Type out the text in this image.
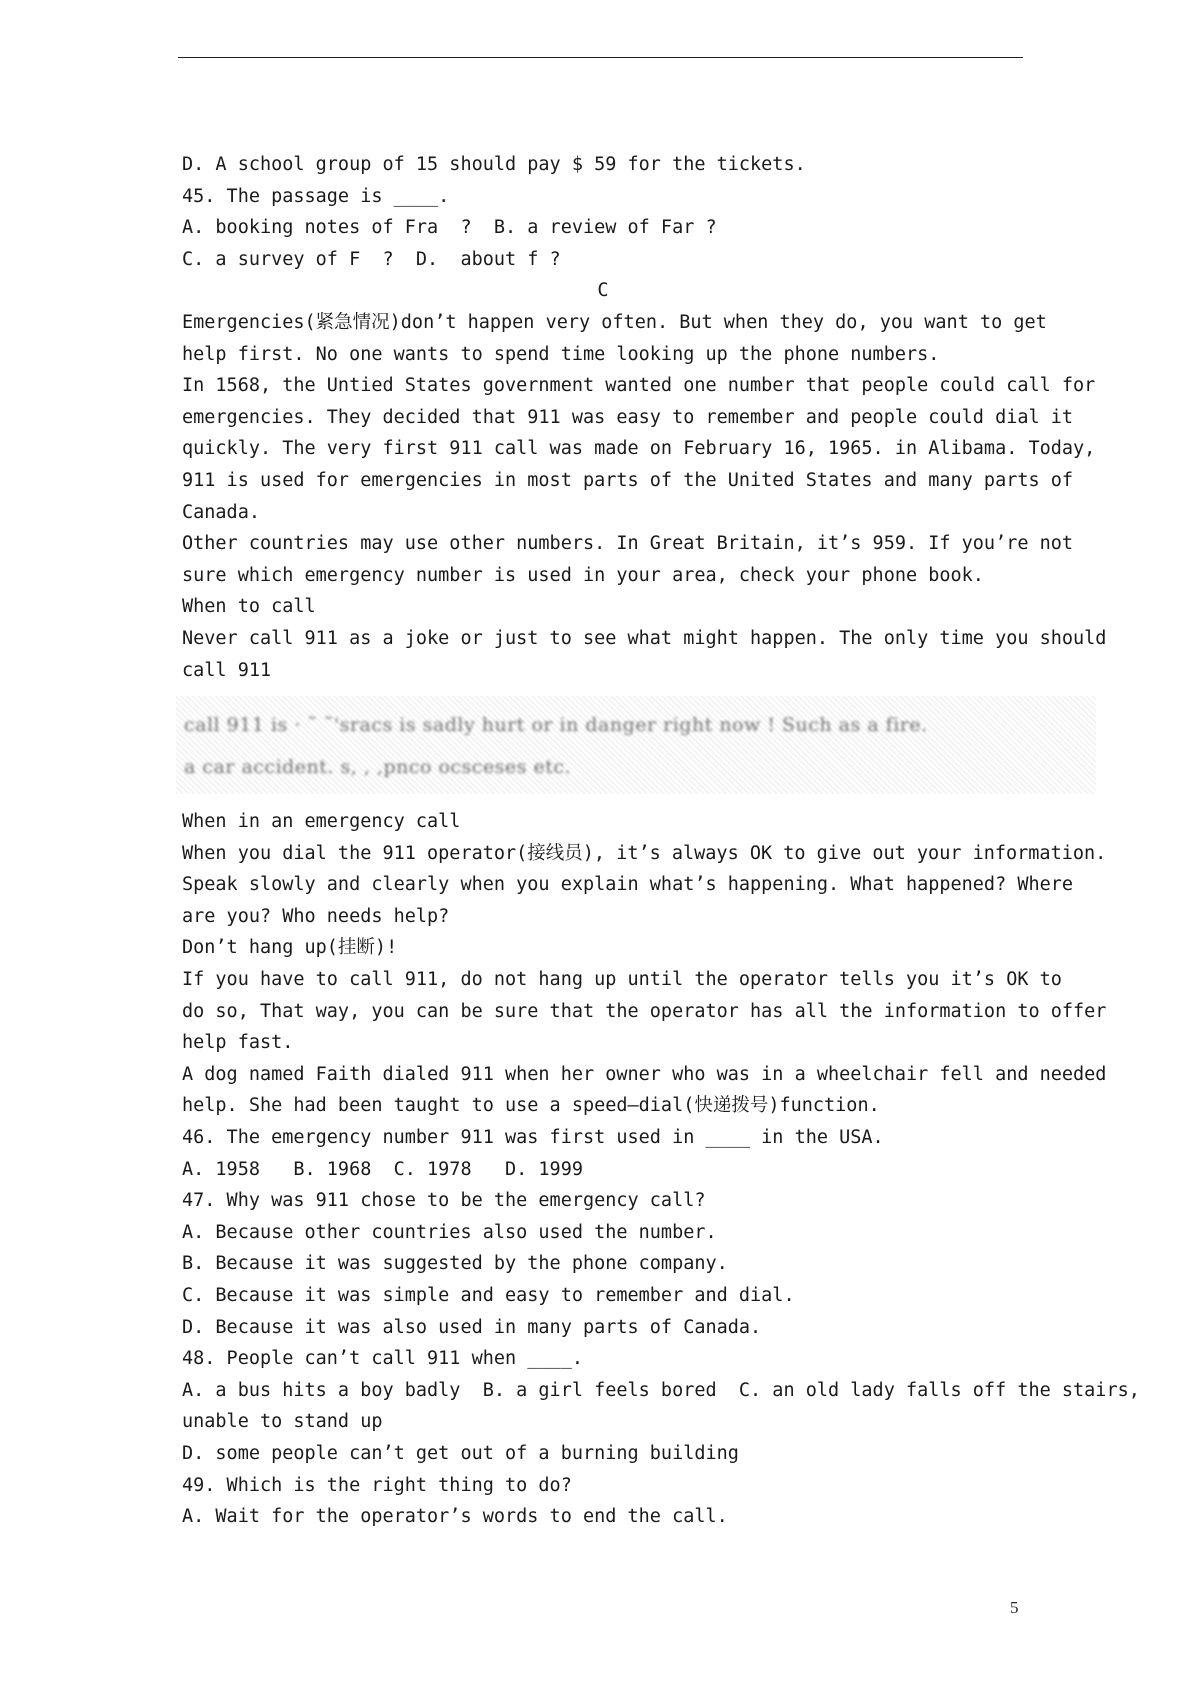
D. A school group of 15 should pay $ 59 for the tickets.
45. The passage is ____.
A. booking notes of Fra  ?  B. a review of Far ?
C. a survey of F  ?  D.  about f ?
C
Emergencies(紧急情况)don’t happen very often. But when they do, you want to get
help first. No one wants to spend time looking up the phone numbers.
In 1568, the Untied States government wanted one number that people could call for
emergencies. They decided that 911 was easy to remember and people could dial it
quickly. The very first 911 call was made on February 16, 1965. in Alibama. Today,
911 is used for emergencies in most parts of the United States and many parts of
Canada.
Other countries may use other numbers. In Great Britain, it’s 959. If you’re not
sure which emergency number is used in your area, check your phone book.
When to call
Never call 911 as a joke or just to see what might happen. The only time you should
call 911
call 911 is · ˜ ˜'sracs is sadly hurt or in danger right now ! Such as a fire.
a car accident. s, , ,pnco ocsceses etc.
When in an emergency call
When you dial the 911 operator(接线员), it’s always OK to give out your information.
Speak slowly and clearly when you explain what’s happening. What happened? Where
are you? Who needs help?
Don’t hang up(挂断)!
If you have to call 911, do not hang up until the operator tells you it’s OK to
do so, That way, you can be sure that the operator has all the information to offer
help fast.
A dog named Faith dialed 911 when her owner who was in a wheelchair fell and needed
help. She had been taught to use a speed—dial(快递拨号)function.
46. The emergency number 911 was first used in ____ in the USA.
A. 1958   B. 1968  C. 1978   D. 1999
47. Why was 911 chose to be the emergency call?
A. Because other countries also used the number.
B. Because it was suggested by the phone company.
C. Because it was simple and easy to remember and dial.
D. Because it was also used in many parts of Canada.
48. People can’t call 911 when ____.
A. a bus hits a boy badly  B. a girl feels bored  C. an old lady falls off the stairs,
unable to stand up
D. some people can’t get out of a burning building
49. Which is the right thing to do?
A. Wait for the operator’s words to end the call.
5
